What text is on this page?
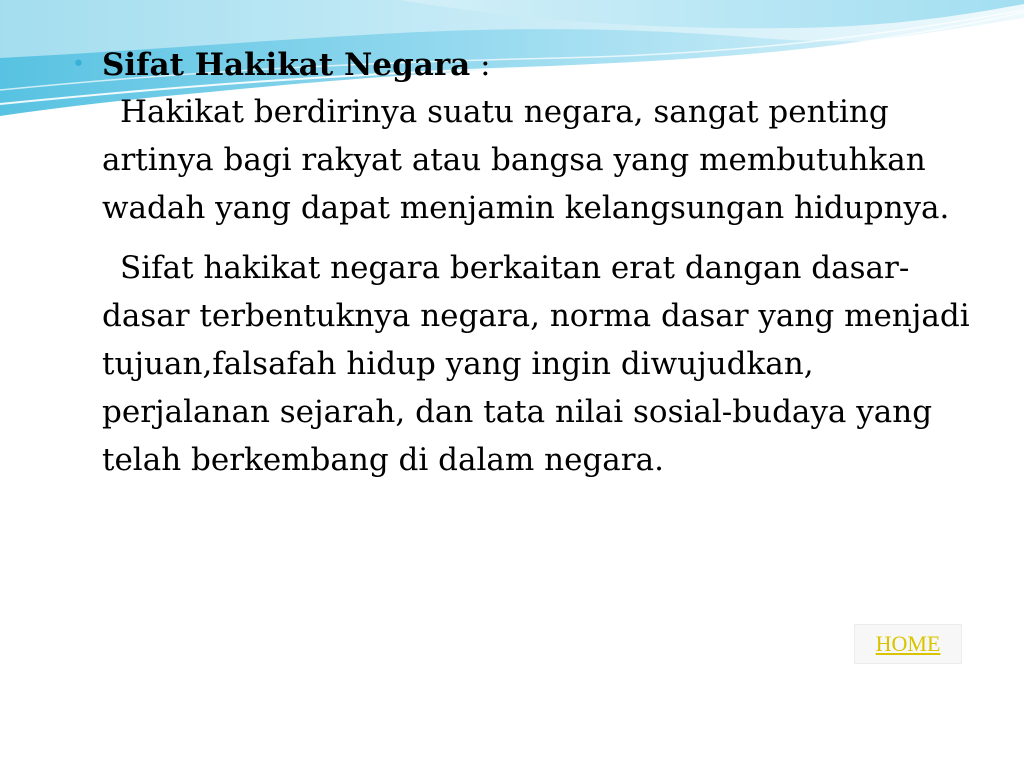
• Sifat Hakikat Negara :

Hakikat berdirinya suatu negara, sangat penting artinya bagi rakyat atau bangsa yang membutuhkan wadah yang dapat menjamin kelangsungan hidupnya.

Sifat hakikat negara berkaitan erat dangan dasar-dasar terbentuknya negara, norma dasar yang menjadi tujuan,falsafah hidup yang ingin diwujudkan, perjalanan sejarah, dan tata nilai sosial-budaya yang telah berkembang di dalam negara.

HOME
